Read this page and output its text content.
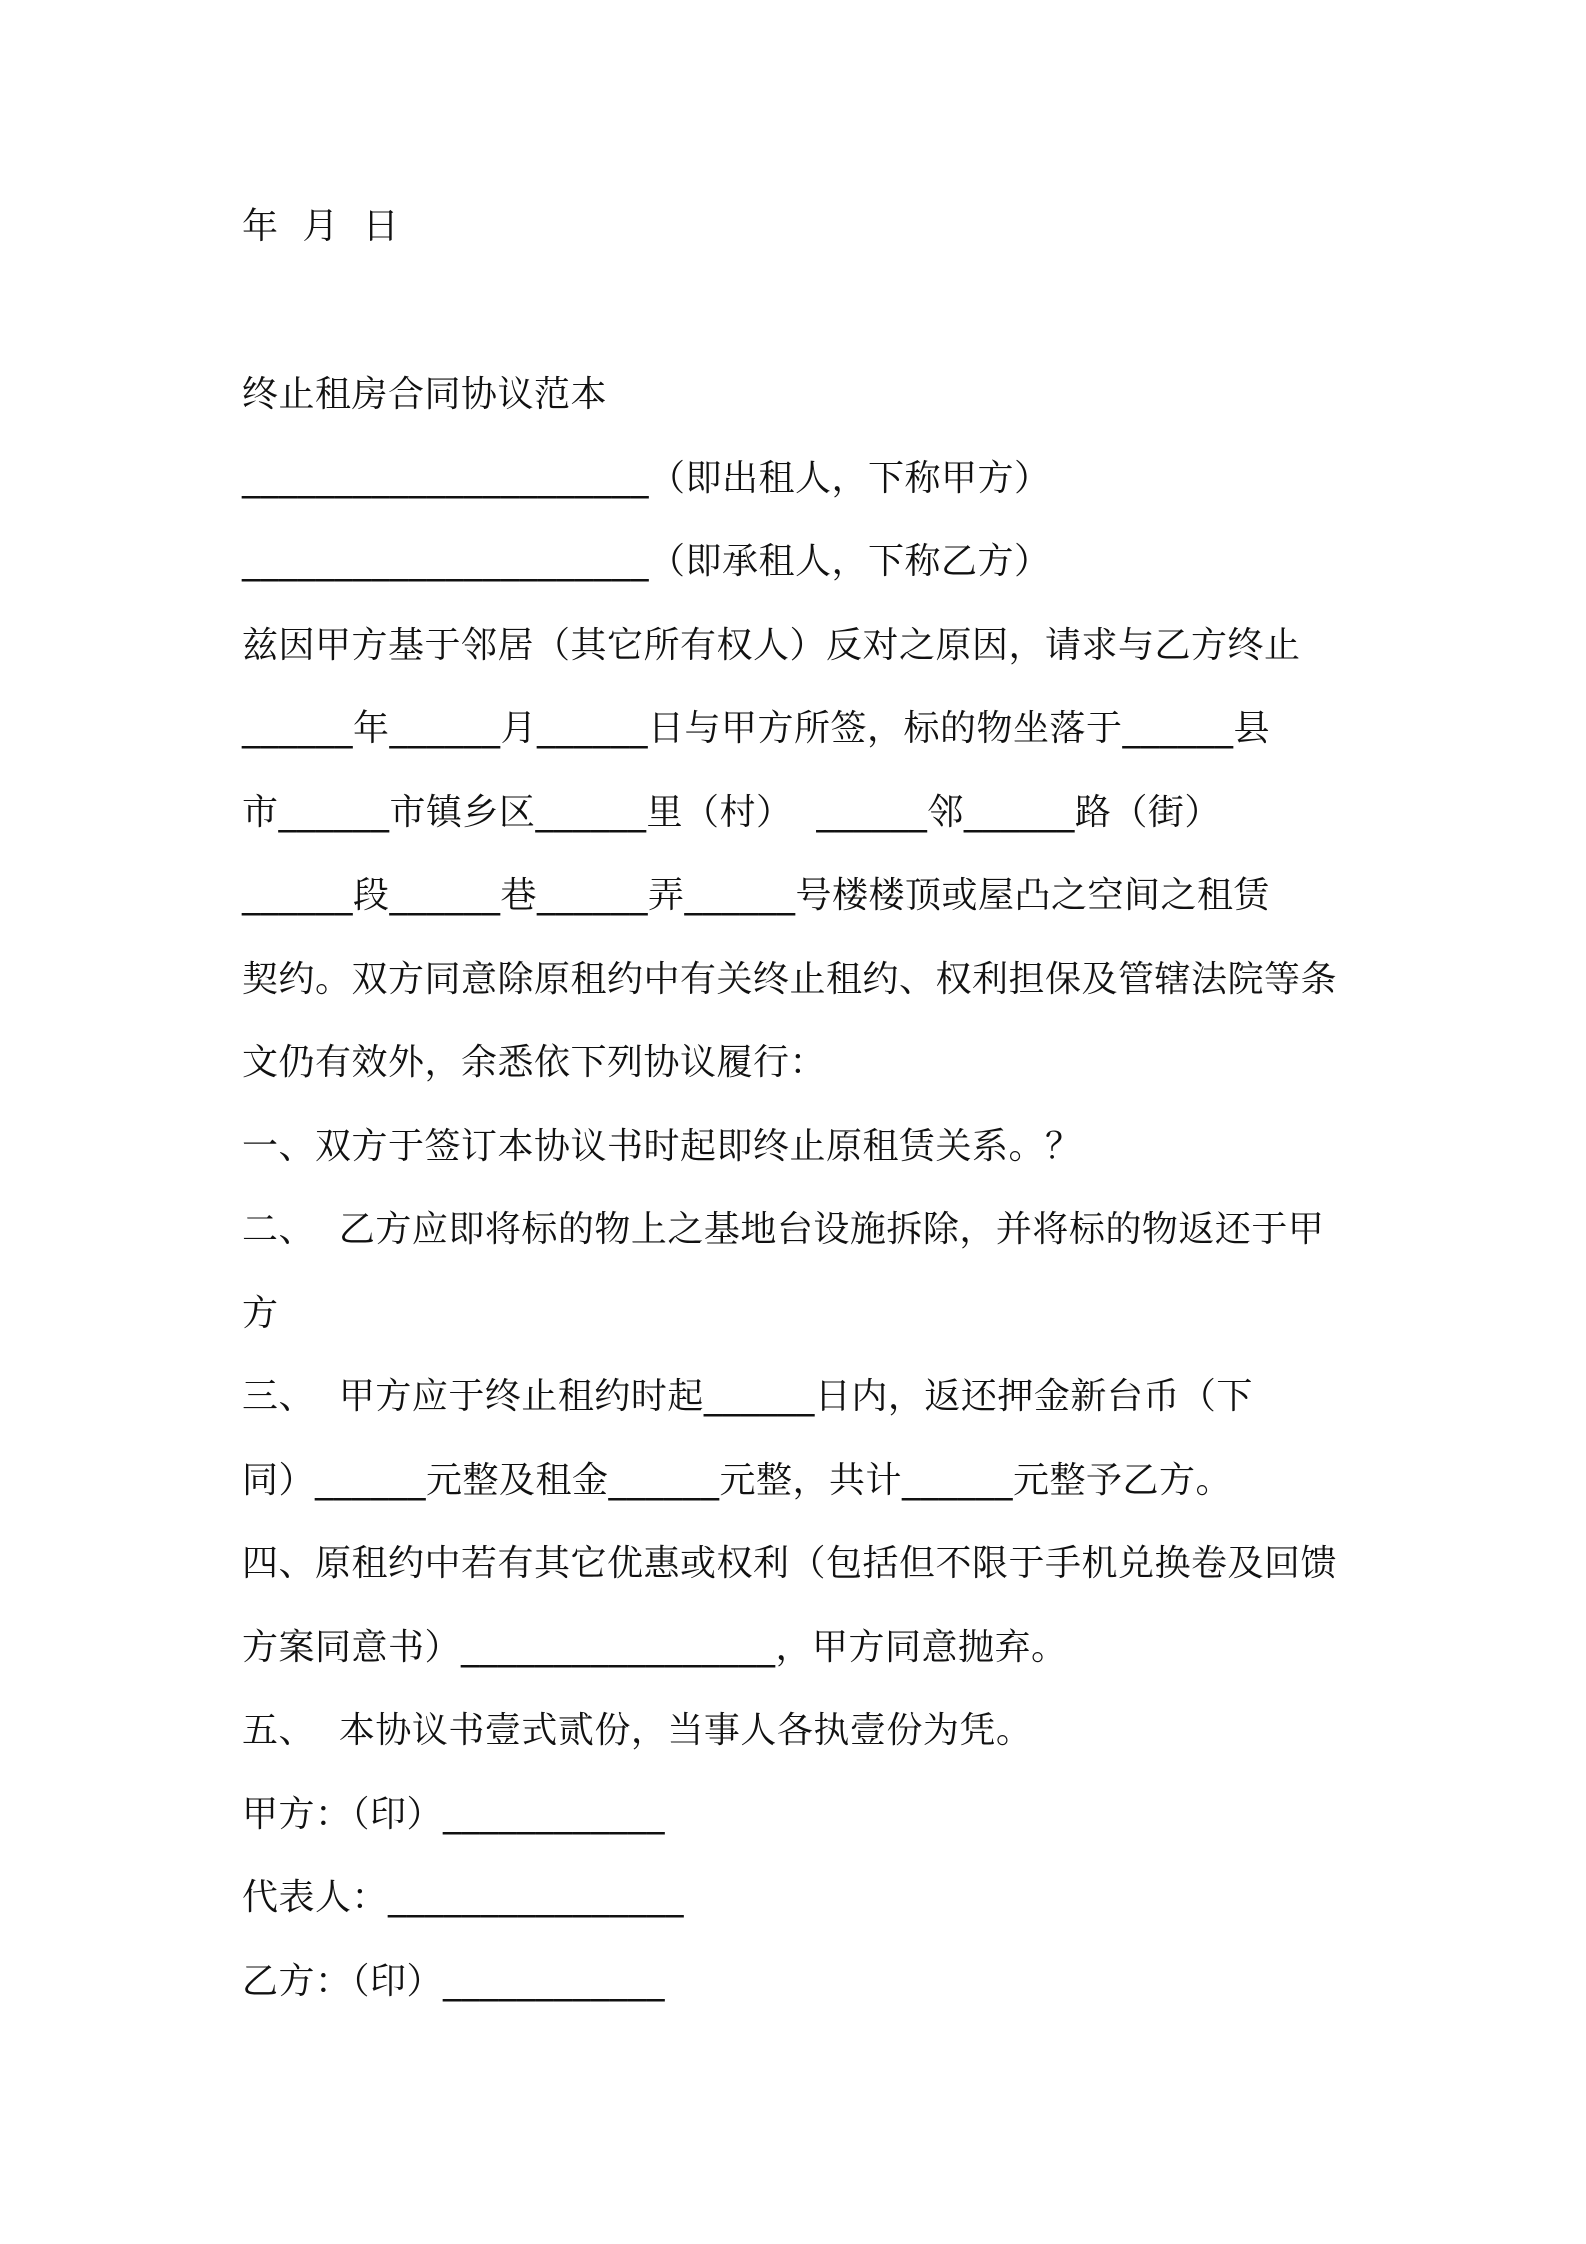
年  月  日
终止租房合同协议范本
______________________（即出租人，下称甲方）
______________________（即承租人，下称乙方）
兹因甲方基于邻居（其它所有权人）反对之原因，请求与乙方终止
______年______月______日与甲方所签，标的物坐落于______县
市______市镇乡区______里（村）  ______邻______路（街）
______段______巷______弄______号楼楼顶或屋凸之空间之租赁
契约。双方同意除原租约中有关终止租约、权利担保及管辖法院等条
文仍有效外，余悉依下列协议履行：
一、双方于签订本协议书时起即终止原租赁关系。？
二、  乙方应即将标的物上之基地台设施拆除，并将标的物返还于甲
方
三、  甲方应于终止租约时起______日内，返还押金新台币（下
同）______元整及租金______元整，共计______元整予乙方。
四、原租约中若有其它优惠或权利（包括但不限于手机兑换卷及回馈
方案同意书）_________________，甲方同意抛弃。
五、  本协议书壹式贰份，当事人各执壹份为凭。
甲方：（印）____________
代表人：________________
乙方：（印）____________
